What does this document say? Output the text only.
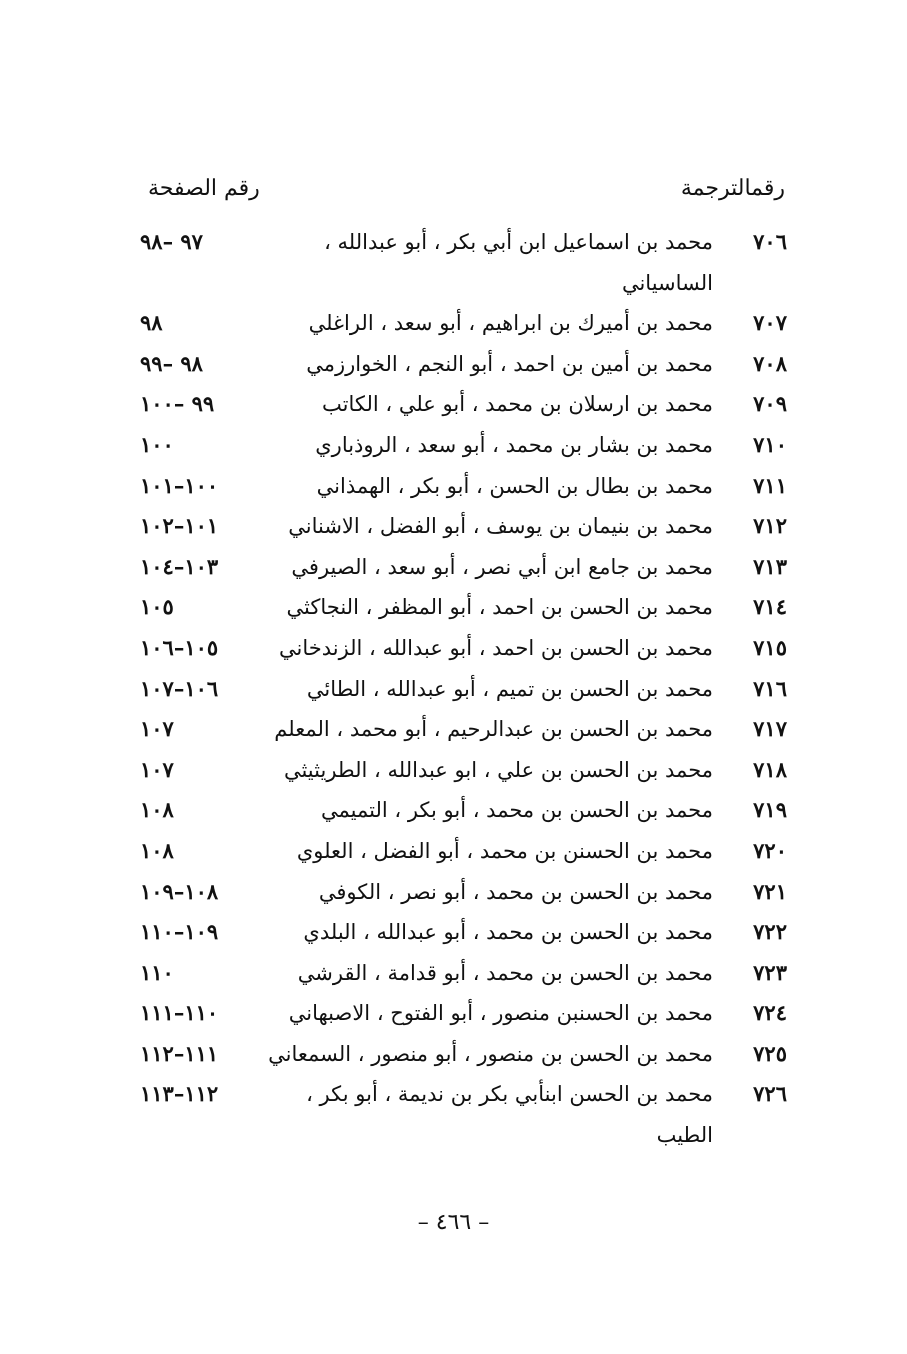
رقمالترجمة
رقم الصفحة
٧٠٦
محمد بن اسماعيل ابن أبي بكر ، أبو عبدالله ،
٩٧ –٩٨
الساسياني
٧٠٧
محمد بن أميرك بن ابراهيم ، أبو سعد ، الراغلي
٩٨
٧٠٨
محمد بن أمين بن احمد ، أبو النجم ، الخوارزمي
٩٨ –٩٩
٧٠٩
محمد بن ارسلان بن محمد ، أبو علي ، الكاتب
٩٩ –١٠٠
٧١٠
محمد بن بشار بن محمد ، أبو سعد ، الروذباري
١٠٠
٧١١
محمد بن بطال بن الحسن ، أبو بكر ، الهمذاني
١٠٠–١٠١
٧١٢
محمد بن بنيمان بن يوسف ، أبو الفضل ، الاشناني
١٠١–١٠٢
٧١٣
محمد بن جامع ابن أبي نصر ، أبو سعد ، الصيرفي
١٠٣–١٠٤
٧١٤
محمد بن الحسن بن احمد ، أبو المظفر ، النجاكثي
١٠٥
٧١٥
محمد بن الحسن بن احمد ، أبو عبدالله ، الزندخاني
١٠٥–١٠٦
٧١٦
محمد بن الحسن بن تميم ، أبو عبدالله ، الطائي
١٠٦–١٠٧
٧١٧
محمد بن الحسن بن عبدالرحيم ، أبو محمد ، المعلم
١٠٧
٧١٨
محمد بن الحسن بن علي ، ابو عبدالله ، الطريثيثي
١٠٧
٧١٩
محمد بن الحسن بن محمد ، أبو بكر ، التميمي
١٠٨
٧٢٠
محمد بن الحسنن بن محمد ، أبو الفضل ، العلوي
١٠٨
٧٢١
محمد بن الحسن بن محمد ، أبو نصر ، الكوفي
١٠٨–١٠٩
٧٢٢
محمد بن الحسن بن محمد ، أبو عبدالله ، البلدي
١٠٩–١١٠
٧٢٣
محمد بن الحسن بن محمد ، أبو قدامة ، القرشي
١١٠
٧٢٤
محمد بن الحسنبن منصور ، أبو الفتوح ، الاصبهاني
١١٠–١١١
٧٢٥
محمد بن الحسن بن منصور ، أبو منصور ، السمعاني
١١١–١١٢
٧٢٦
محمد بن الحسن ابنأبي بكر بن نديمة ، أبو بكر ،
١١٢–١١٣
الطيب
– ٤٦٦ –
